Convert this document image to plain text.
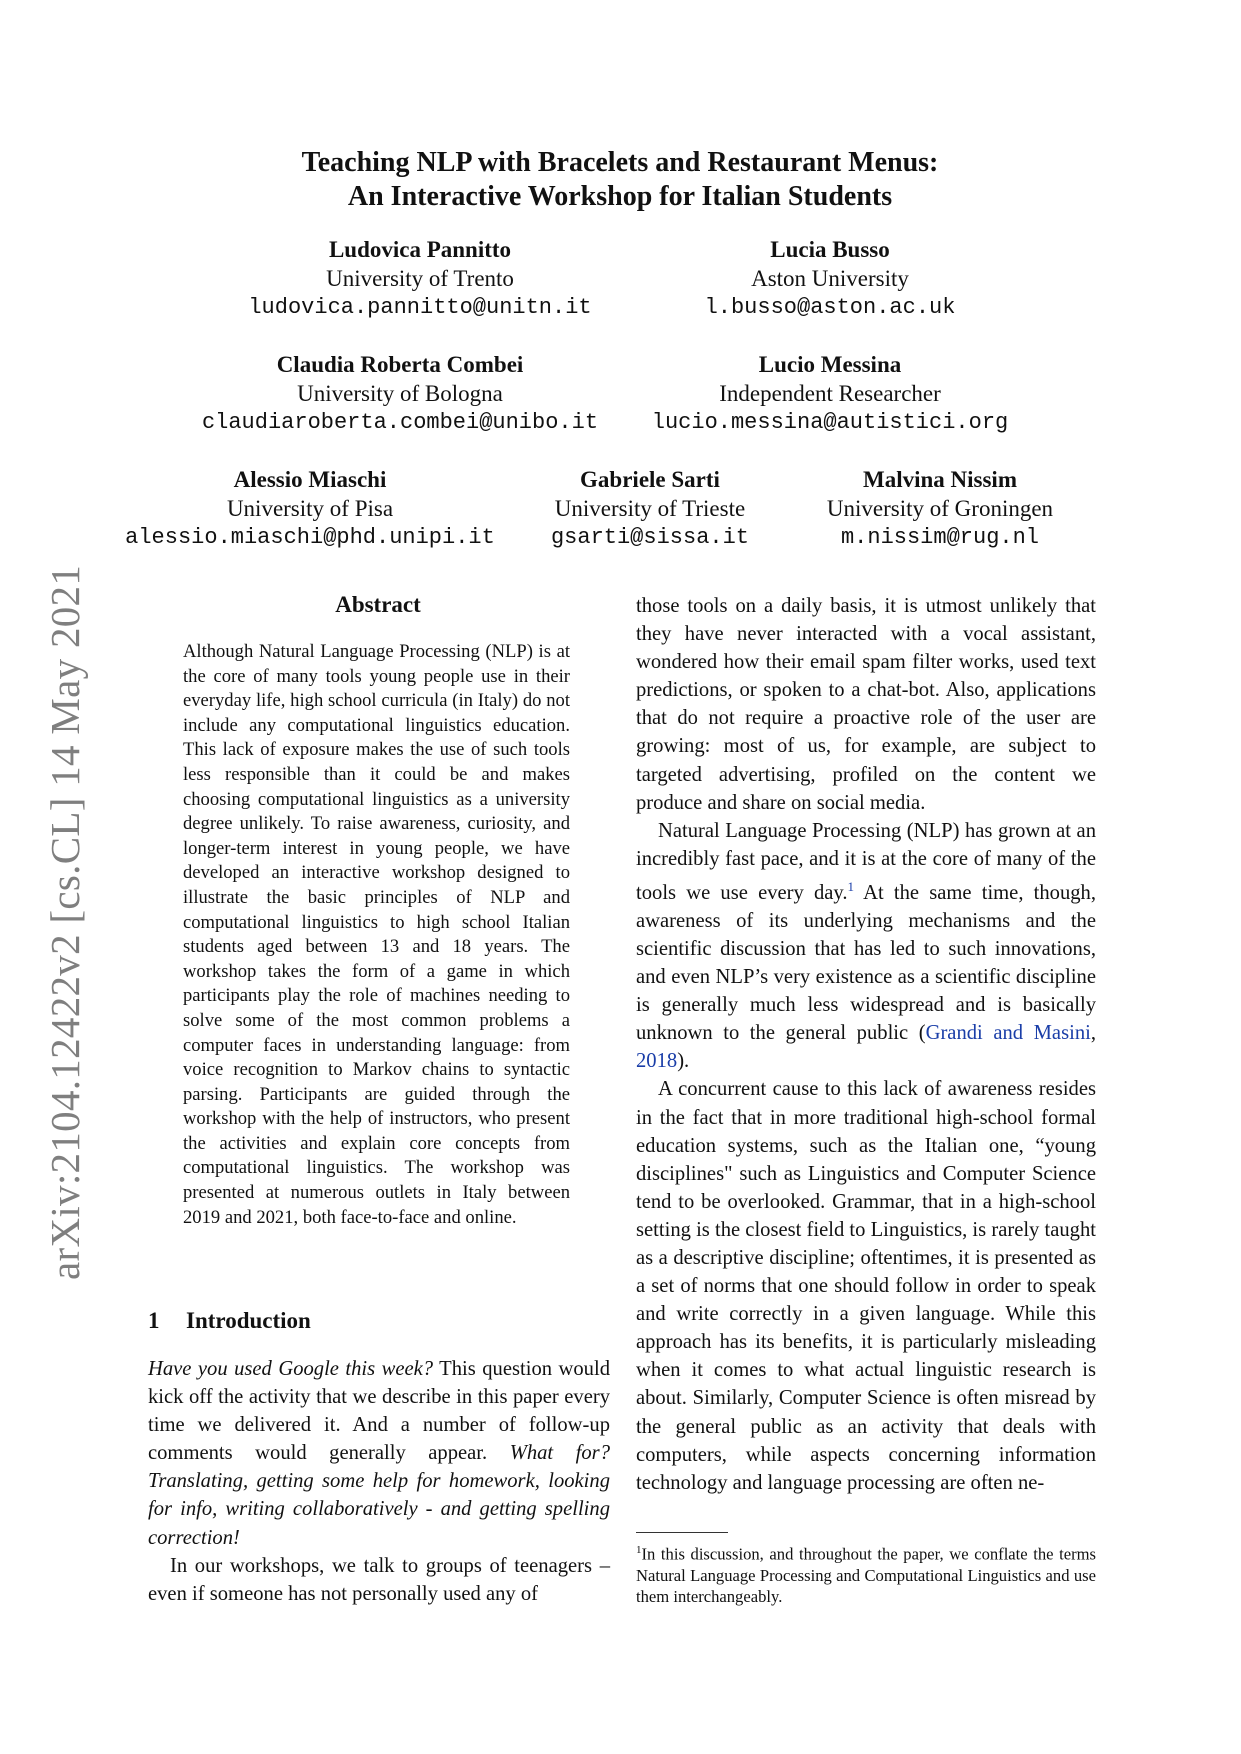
arXiv:2104.12422v2 [cs.CL] 14 May 2021
Teaching NLP with Bracelets and Restaurant Menus:
An Interactive Workshop for Italian Students
Ludovica Pannitto
University of Trento
ludovica.pannitto@unitn.it
Lucia Busso
Aston University
l.busso@aston.ac.uk
Claudia Roberta Combei
University of Bologna
claudiaroberta.combei@unibo.it
Lucio Messina
Independent Researcher
lucio.messina@autistici.org
Alessio Miaschi
University of Pisa
alessio.miaschi@phd.unipi.it
Gabriele Sarti
University of Trieste
gsarti@sissa.it
Malvina Nissim
University of Groningen
m.nissim@rug.nl
Abstract
Although Natural Language Processing (NLP) is at the core of many tools young people use in their everyday life, high school curricula (in Italy) do not include any computational linguistics education. This lack of exposure makes the use of such tools less responsible than it could be and makes choosing computational linguistics as a university degree unlikely. To raise awareness, curiosity, and longer-term interest in young people, we have developed an interactive workshop designed to illustrate the basic principles of NLP and computational linguistics to high school Italian students aged between 13 and 18 years. The workshop takes the form of a game in which participants play the role of machines needing to solve some of the most common problems a computer faces in understanding language: from voice recognition to Markov chains to syntactic parsing. Participants are guided through the workshop with the help of instructors, who present the activities and explain core concepts from computational linguistics. The workshop was presented at numerous outlets in Italy between 2019 and 2021, both face-to-face and online.
1 Introduction

Have you used Google this week? This question would kick off the activity that we describe in this paper every time we delivered it. And a number of follow-up comments would generally appear. What for? Translating, getting some help for homework, looking for info, writing collaboratively - and getting spelling correction!

In our workshops, we talk to groups of teenagers – even if someone has not personally used any of

those tools on a daily basis, it is utmost unlikely that they have never interacted with a vocal assistant, wondered how their email spam filter works, used text predictions, or spoken to a chat-bot. Also, applications that do not require a proactive role of the user are growing: most of us, for example, are subject to targeted advertising, profiled on the content we produce and share on social media.

Natural Language Processing (NLP) has grown at an incredibly fast pace, and it is at the core of many of the tools we use every day.$^1$ At the same time, though, awareness of its underlying mechanisms and the scientific discussion that has led to such innovations, and even NLP’s very existence as a scientific discipline is generally much less widespread and is basically unknown to the general public (Grandi and Masini, 2018).

A concurrent cause to this lack of awareness resides in the fact that in more traditional high-school formal education systems, such as the Italian one, “young disciplines" such as Linguistics and Computer Science tend to be overlooked. Grammar, that in a high-school setting is the closest field to Linguistics, is rarely taught as a descriptive discipline; oftentimes, it is presented as a set of norms that one should follow in order to speak and write correctly in a given language. While this approach has its benefits, it is particularly misleading when it comes to what actual linguistic research is about. Similarly, Computer Science is often misread by the general public as an activity that deals with computers, while aspects concerning information technology and language processing are often ne-

$^1$In this discussion, and throughout the paper, we conflate the terms Natural Language Processing and Computational Linguistics and use them interchangeably.
